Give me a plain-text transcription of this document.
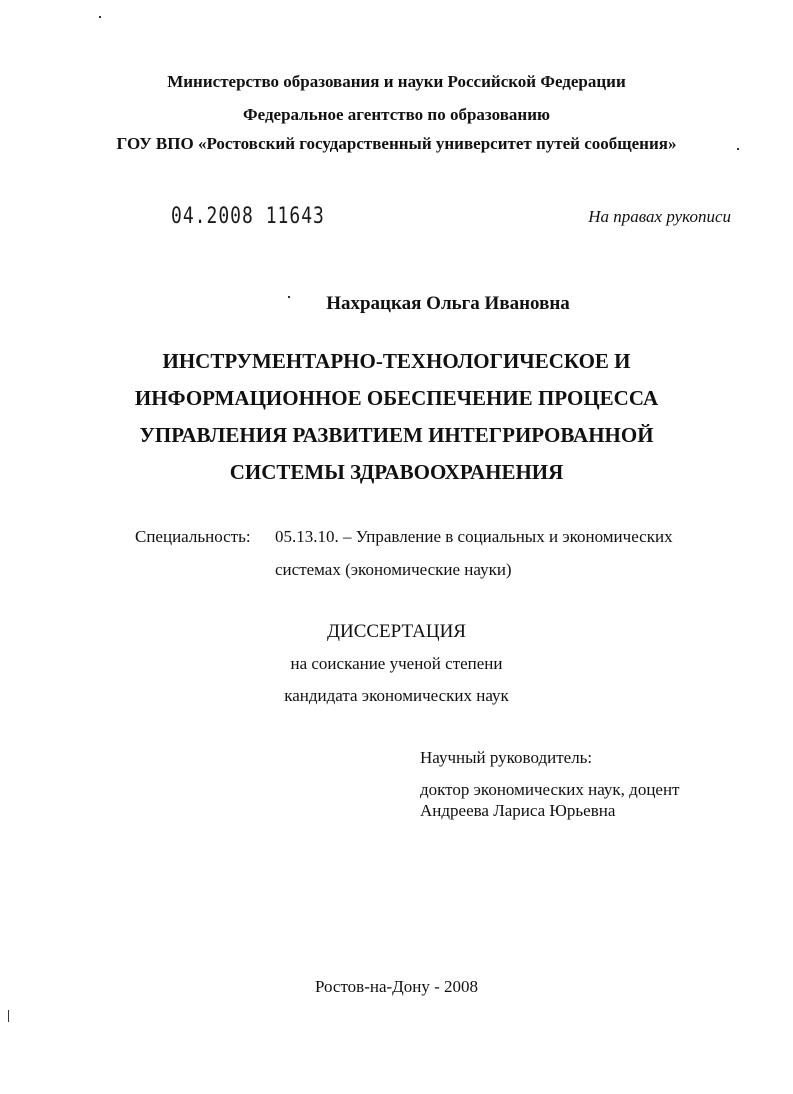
Министерство образования и науки Российской Федерации
Федеральное агентство по образованию
ГОУ ВПО «Ростовский государственный университет путей сообщения»
04.2008 11643	На правах рукописи
Нахрацкая Ольга Ивановна
ИНСТРУМЕНТАРНО-ТЕХНОЛОГИЧЕСКОЕ И
ИНФОРМАЦИОННОЕ ОБЕСПЕЧЕНИЕ ПРОЦЕССА
УПРАВЛЕНИЯ РАЗВИТИЕМ ИНТЕГРИРОВАННОЙ
СИСТЕМЫ ЗДРАВООХРАНЕНИЯ
Специальность: 05.13.10. – Управление в социальных и экономических
системах (экономические науки)
ДИССЕРТАЦИЯ
на соискание ученой степени
кандидата экономических наук
Научный руководитель:
доктор экономических наук, доцент
Андреева Лариса Юрьевна
Ростов-на-Дону - 2008
